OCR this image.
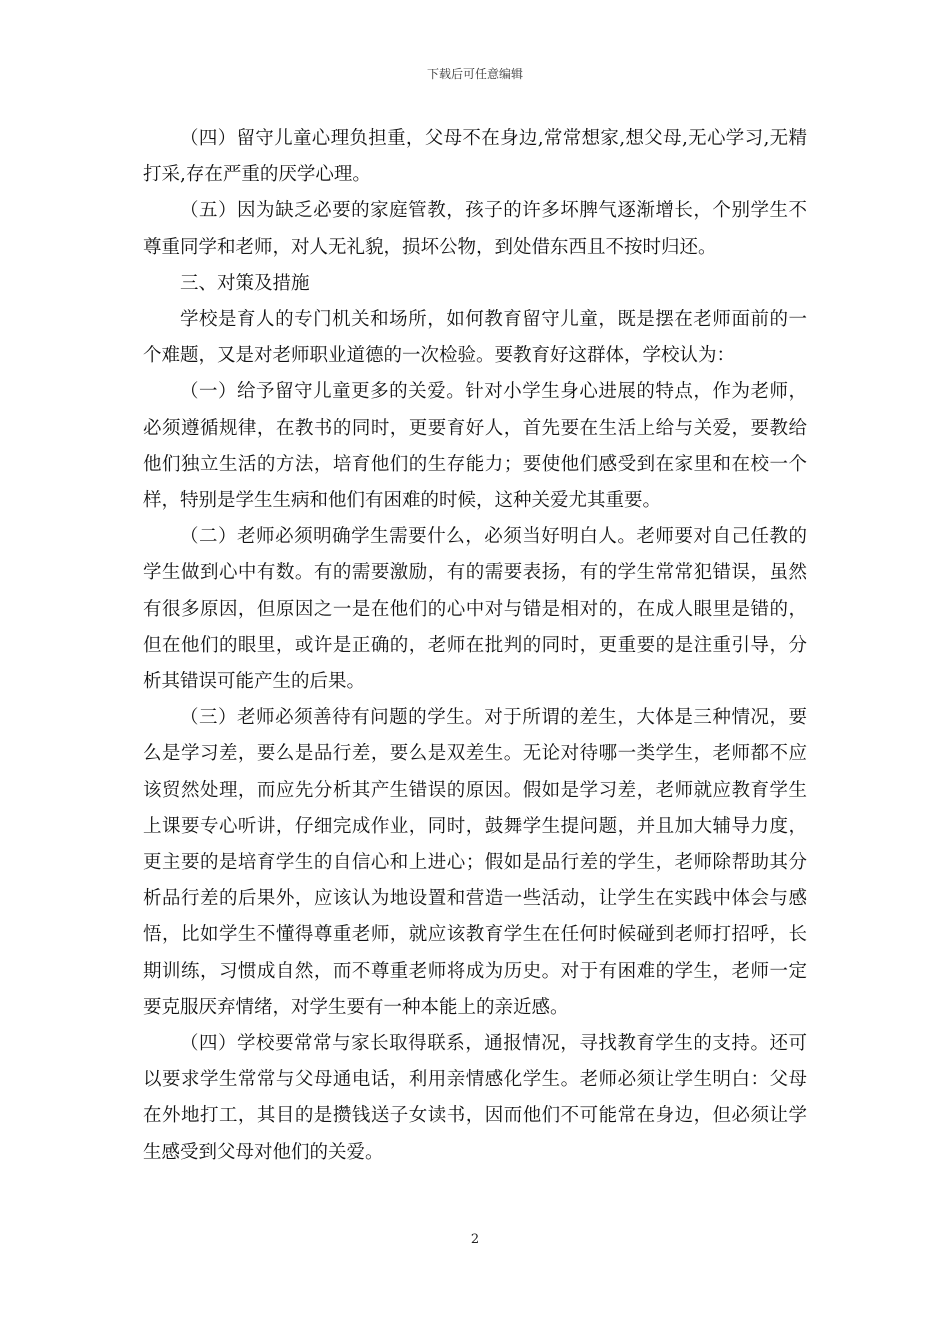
下载后可任意编辑

（四）留守儿童心理负担重，父母不在身边,常常想家,想父母,无心学习,无精打采,存在严重的厌学心理。

（五）因为缺乏必要的家庭管教，孩子的许多坏脾气逐渐增长，个别学生不尊重同学和老师，对人无礼貌，损坏公物，到处借东西且不按时归还。

三、对策及措施

学校是育人的专门机关和场所，如何教育留守儿童，既是摆在老师面前的一个难题，又是对老师职业道德的一次检验。要教育好这群体，学校认为：

（一）给予留守儿童更多的关爱。针对小学生身心进展的特点，作为老师，必须遵循规律，在教书的同时，更要育好人，首先要在生活上给与关爱，要教给他们独立生活的方法，培育他们的生存能力；要使他们感受到在家里和在校一个样，特别是学生生病和他们有困难的时候，这种关爱尤其重要。

（二）老师必须明确学生需要什么，必须当好明白人。老师要对自己任教的学生做到心中有数。有的需要激励，有的需要表扬，有的学生常常犯错误，虽然有很多原因，但原因之一是在他们的心中对与错是相对的，在成人眼里是错的，但在他们的眼里，或许是正确的，老师在批判的同时，更重要的是注重引导，分析其错误可能产生的后果。

（三）老师必须善待有问题的学生。对于所谓的差生，大体是三种情况，要么是学习差，要么是品行差，要么是双差生。无论对待哪一类学生，老师都不应该贸然处理，而应先分析其产生错误的原因。假如是学习差，老师就应教育学生上课要专心听讲，仔细完成作业，同时，鼓舞学生提问题，并且加大辅导力度，更主要的是培育学生的自信心和上进心；假如是品行差的学生，老师除帮助其分析品行差的后果外，应该认为地设置和营造一些活动，让学生在实践中体会与感悟，比如学生不懂得尊重老师，就应该教育学生在任何时候碰到老师打招呼，长期训练，习惯成自然，而不尊重老师将成为历史。对于有困难的学生，老师一定要克服厌弃情绪，对学生要有一种本能上的亲近感。

（四）学校要常常与家长取得联系，通报情况，寻找教育学生的支持。还可以要求学生常常与父母通电话，利用亲情感化学生。老师必须让学生明白：父母在外地打工，其目的是攒钱送子女读书，因而他们不可能常在身边，但必须让学生感受到父母对他们的关爱。

2
